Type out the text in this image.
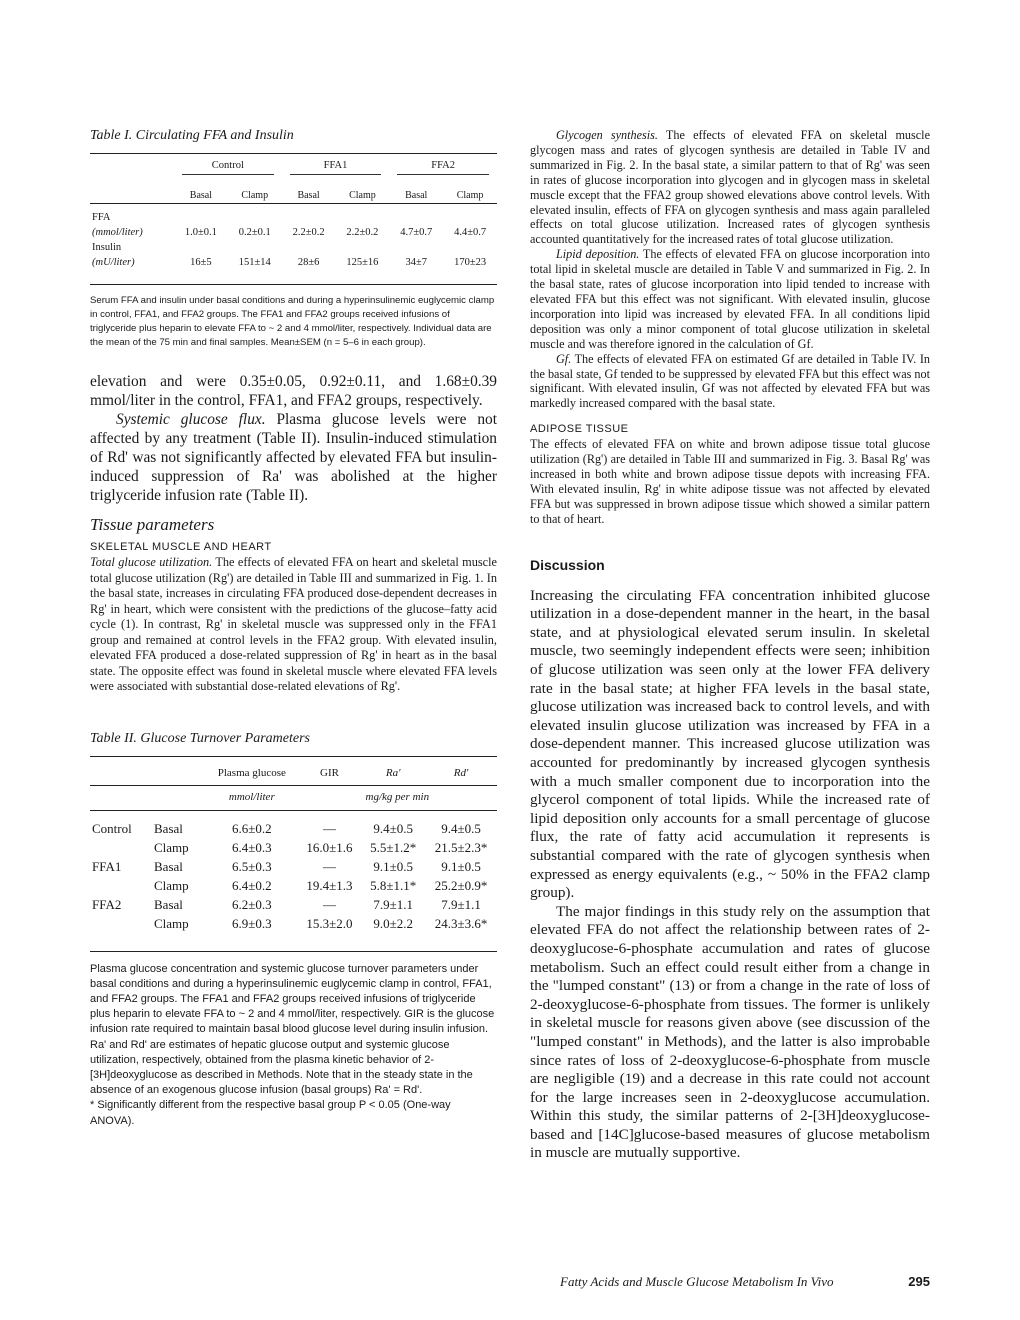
Table I. Circulating FFA and Insulin

	Control		FFA1		FFA2	

	Basal	Clamp	Basal	Clamp	Basal	Clamp

FFA						
(mmol/liter)	1.0±0.1	0.2±0.1	2.2±0.2	2.2±0.2	4.7±0.7	4.4±0.7
Insulin						
(mU/liter)	16±5	151±14	28±6	125±16	34±7	170±23

Serum FFA and insulin under basal conditions and during a hyperinsulinemic euglycemic clamp in control, FFA1, and FFA2 groups. The FFA1 and FFA2 groups received infusions of triglyceride plus heparin to elevate FFA to ~ 2 and 4 mmol/liter, respectively. Individual data are the mean of the 75 min and final samples. Mean±SEM (n = 5–6 in each group).

elevation and were 0.35±0.05, 0.92±0.11, and 1.68±0.39 mmol/liter in the control, FFA1, and FFA2 groups, respectively.

Systemic glucose flux. Plasma glucose levels were not affected by any treatment (Table II). Insulin-induced stimulation of Rd' was not significantly affected by elevated FFA but insulin-induced suppression of Ra' was abolished at the higher triglyceride infusion rate (Table II).

Tissue parameters
SKELETAL MUSCLE AND HEART

Total glucose utilization. The effects of elevated FFA on heart and skeletal muscle total glucose utilization (Rg') are detailed in Table III and summarized in Fig. 1. In the basal state, increases in circulating FFA produced dose-dependent decreases in Rg' in heart, which were consistent with the predictions of the glucose–fatty acid cycle (1). In contrast, Rg' in skeletal muscle was suppressed only in the FFA1 group and remained at control levels in the FFA2 group. With elevated insulin, elevated FFA produced a dose-related suppression of Rg' in heart as in the basal state. The opposite effect was found in skeletal muscle where elevated FFA levels were associated with substantial dose-related elevations of Rg'.

Table II. Glucose Turnover Parameters
		Plasma glucose	GIR	Ra'	Rd'

		mmol/liter	mg/kg per min		

Control	Basal	6.6±0.2	—	9.4±0.5	9.4±0.5
	Clamp	6.4±0.3	16.0±1.6	5.5±1.2*	21.5±2.3*
FFA1	Basal	6.5±0.3	—	9.1±0.5	9.1±0.5
	Clamp	6.4±0.2	19.4±1.3	5.8±1.1*	25.2±0.9*
FFA2	Basal	6.2±0.3	—	7.9±1.1	7.9±1.1
	Clamp	6.9±0.3	15.3±2.0	9.0±2.2	24.3±3.6*

Plasma glucose concentration and systemic glucose turnover parameters under basal conditions and during a hyperinsulinemic euglycemic clamp in control, FFA1, and FFA2 groups. The FFA1 and FFA2 groups received infusions of triglyceride plus heparin to elevate FFA to ~ 2 and 4 mmol/liter, respectively. GIR is the glucose infusion rate required to maintain basal blood glucose level during insulin infusion. Ra' and Rd' are estimates of hepatic glucose output and systemic glucose utilization, respectively, obtained from the plasma kinetic behavior of 2-[3H]deoxyglucose as described in Methods. Note that in the steady state in the absence of an exogenous glucose infusion (basal groups) Ra' = Rd'.

* Significantly different from the respective basal group P < 0.05 (One-way ANOVA).

Glycogen synthesis. The effects of elevated FFA on skeletal muscle glycogen mass and rates of glycogen synthesis are detailed in Table IV and summarized in Fig. 2. In the basal state, a similar pattern to that of Rg' was seen in rates of glucose incorporation into glycogen and in glycogen mass in skeletal muscle except that the FFA2 group showed elevations above control levels. With elevated insulin, effects of FFA on glycogen synthesis and mass again paralleled effects on total glucose utilization. Increased rates of glycogen synthesis accounted quantitatively for the increased rates of total glucose utilization.

Lipid deposition. The effects of elevated FFA on glucose incorporation into total lipid in skeletal muscle are detailed in Table V and summarized in Fig. 2. In the basal state, rates of glucose incorporation into lipid tended to increase with elevated FFA but this effect was not significant. With elevated insulin, glucose incorporation into lipid was increased by elevated FFA. In all conditions lipid deposition was only a minor component of total glucose utilization in skeletal muscle and was therefore ignored in the calculation of Gf.

Gf. The effects of elevated FFA on estimated Gf are detailed in Table IV. In the basal state, Gf tended to be suppressed by elevated FFA but this effect was not significant. With elevated insulin, Gf was not affected by elevated FFA but was markedly increased compared with the basal state.

ADIPOSE TISSUE

The effects of elevated FFA on white and brown adipose tissue total glucose utilization (Rg') are detailed in Table III and summarized in Fig. 3. Basal Rg' was increased in both white and brown adipose tissue depots with increasing FFA. With elevated insulin, Rg' in white adipose tissue was not affected by elevated FFA but was suppressed in brown adipose tissue which showed a similar pattern to that of heart.

Discussion

Increasing the circulating FFA concentration inhibited glucose utilization in a dose-dependent manner in the heart, in the basal state, and at physiological elevated serum insulin. In skeletal muscle, two seemingly independent effects were seen; inhibition of glucose utilization was seen only at the lower FFA delivery rate in the basal state; at higher FFA levels in the basal state, glucose utilization was increased back to control levels, and with elevated insulin glucose utilization was increased by FFA in a dose-dependent manner. This increased glucose utilization was accounted for predominantly by increased glycogen synthesis with a much smaller component due to incorporation into the glycerol component of total lipids. While the increased rate of lipid deposition only accounts for a small percentage of glucose flux, the rate of fatty acid accumulation it represents is substantial compared with the rate of glycogen synthesis when expressed as energy equivalents (e.g., ~ 50% in the FFA2 clamp group).

The major findings in this study rely on the assumption that elevated FFA do not affect the relationship between rates of 2-deoxyglucose-6-phosphate accumulation and rates of glucose metabolism. Such an effect could result either from a change in the "lumped constant" (13) or from a change in the rate of loss of 2-deoxyglucose-6-phosphate from tissues. The former is unlikely in skeletal muscle for reasons given above (see discussion of the "lumped constant" in Methods), and the latter is also improbable since rates of loss of 2-deoxyglucose-6-phosphate from muscle are negligible (19) and a decrease in this rate could not account for the large increases seen in 2-deoxyglucose accumulation. Within this study, the similar patterns of 2-[3H]deoxyglucose-based and [14C]glucose-based measures of glucose metabolism in muscle are mutually supportive.

Fatty Acids and Muscle Glucose Metabolism In Vivo	295
